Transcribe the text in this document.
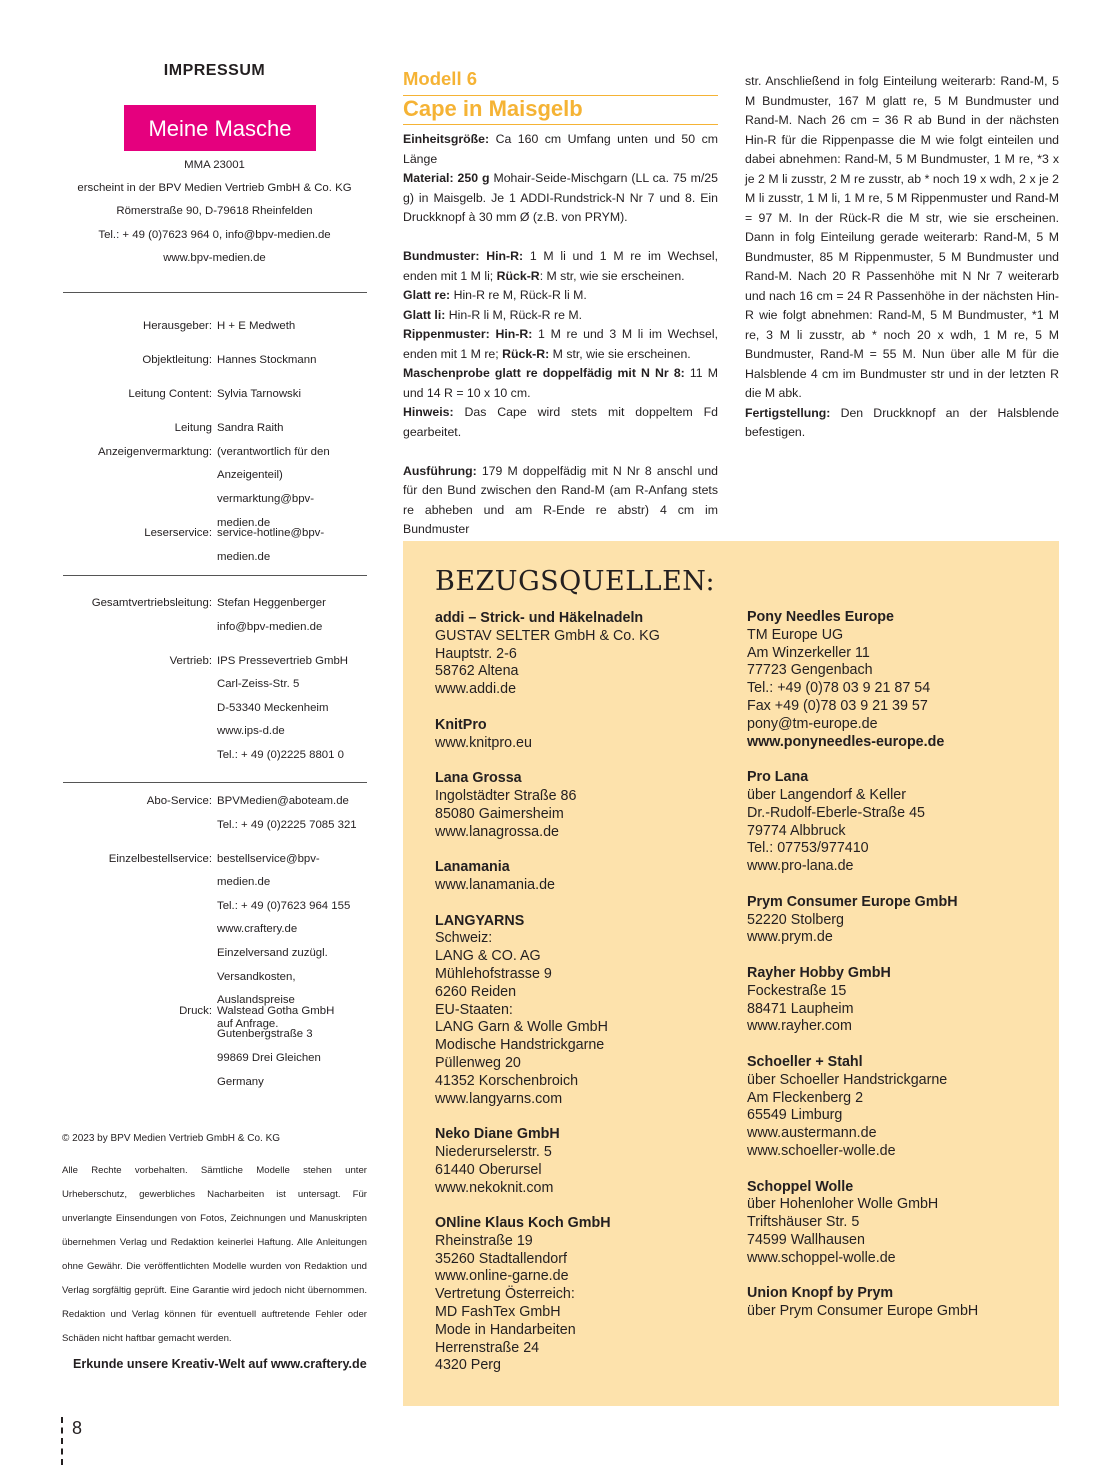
IMPRESSUM
Meine Masche
MMA 23001
erscheint in der BPV Medien Vertrieb GmbH & Co. KG
Römerstraße 90, D-79618 Rheinfelden
Tel.: + 49 (0)7623 964 0, info@bpv-medien.de
www.bpv-medien.de
Herausgeber: H + E Medweth
Objektleitung: Hannes Stockmann
Leitung Content: Sylvia Tarnowski
Leitung Anzeigenvermarktung:
Sandra Raith
(verantwortlich für den
Anzeigenteil)
vermarktung@bpv-medien.de
Leserservice: service-hotline@bpv-medien.de
Gesamtvertriebsleitung: Stefan Heggenberger
info@bpv-medien.de
Vertrieb: IPS Pressevertrieb GmbH
Carl-Zeiss-Str. 5
D-53340 Meckenheim
www.ips-d.de
Tel.: + 49 (0)2225 8801 0
Abo-Service: BPVMedien@aboteam.de
Tel.: + 49 (0)2225 7085 321
Einzelbestellservice: bestellservice@bpv-medien.de
Tel.: + 49 (0)7623 964 155
www.craftery.de
Einzelversand zuzügl.
Versandkosten, Auslandspreise
auf Anfrage.
Druck: Walstead Gotha GmbH
Gutenbergstraße 3
99869 Drei Gleichen
Germany
© 2023 by BPV Medien Vertrieb GmbH & Co. KG
Alle Rechte vorbehalten. Sämtliche Modelle stehen unter Urheberschutz, gewerbliches Nacharbeiten ist untersagt. Für unverlangte Einsendungen von Fotos, Zeichnungen und Manuskripten übernehmen Verlag und Redaktion keinerlei Haftung. Alle Anleitungen ohne Gewähr. Die veröffentlichten Modelle wurden von Redaktion und Verlag sorgfältig geprüft. Eine Garantie wird jedoch nicht übernommen. Redaktion und Verlag können für eventuell auftretende Fehler oder Schäden nicht haftbar gemacht werden.
Erkunde unsere Kreativ-Welt auf www.craftery.de
8
Modell 6
Cape in Maisgelb

Einheitsgröße: Ca 160 cm Umfang unten und 50 cm Länge

Material: 250 g Mohair-Seide-Mischgarn (LL ca. 75 m/25 g) in Maisgelb. Je 1 ADDI-Rundstrick-N Nr 7 und 8. Ein Druckknopf à 30 mm Ø (z.B. von PRYM).

Bundmuster: Hin-R: 1 M li und 1 M re im Wechsel, enden mit 1 M li; Rück-R: M str, wie sie erscheinen.

Glatt re: Hin-R re M, Rück-R li M.

Glatt li: Hin-R li M, Rück-R re M.

Rippenmuster: Hin-R: 1 M re und 3 M li im Wechsel, enden mit 1 M re; Rück-R: M str, wie sie erscheinen.

Maschenprobe glatt re doppelfädig mit N Nr 8: 11 M und 14 R = 10 x 10 cm.

Hinweis: Das Cape wird stets mit doppeltem Fd gearbeitet.

Ausführung: 179 M doppelfädig mit N Nr 8 anschl und für den Bund zwischen den Rand-M (am R-Anfang stets re abheben und am R-Ende re abstr) 4 cm im Bundmuster

str. Anschließend in folg Einteilung weiterarb: Rand-M, 5 M Bundmuster, 167 M glatt re, 5 M Bundmuster und Rand-M. Nach 26 cm = 36 R ab Bund in der nächsten Hin-R für die Rippenpasse die M wie folgt einteilen und dabei abnehmen: Rand-M, 5 M Bundmuster, 1 M re, *3 x je 2 M li zusstr, 2 M re zusstr, ab * noch 19 x wdh, 2 x je 2 M li zusstr, 1 M li, 1 M re, 5 M Rippenmuster und Rand-M = 97 M. In der Rück-R die M str, wie sie erscheinen. Dann in folg Einteilung gerade weiterarb: Rand-M, 5 M Bundmuster, 85 M Rippenmuster, 5 M Bundmuster und Rand-M. Nach 20 R Passenhöhe mit N Nr 7 weiterarb und nach 16 cm = 24 R Passenhöhe in der nächsten Hin-R wie folgt abnehmen: Rand-M, 5 M Bundmuster, *1 M re, 3 M li zusstr, ab * noch 20 x wdh, 1 M re, 5 M Bundmuster, Rand-M = 55 M. Nun über alle M für die Halsblende 4 cm im Bundmuster str und in der letzten R die M abk.

Fertigstellung: Den Druckknopf an der Halsblende befestigen.

BEZUGSQUELLEN:
addi – Strick- und Häkelnadeln
GUSTAV SELTER GmbH & Co. KG
Hauptstr. 2-6
58762 Altena
www.addi.de
KnitPro
www.knitpro.eu
Lana Grossa
Ingolstädter Straße 86
85080 Gaimersheim
www.lanagrossa.de
Lanamania
www.lanamania.de
LANGYARNS
Schweiz:
LANG & CO. AG
Mühlehofstrasse 9
6260 Reiden
EU-Staaten:
LANG Garn & Wolle GmbH
Modische Handstrickgarne
Püllenweg 20
41352 Korschenbroich
www.langyarns.com
Neko Diane GmbH
Niederurselerstr. 5
61440 Oberursel
www.nekoknit.com
ONline Klaus Koch GmbH
Rheinstraße 19
35260 Stadtallendorf
www.online-garne.de
Vertretung Österreich:
MD FashTex GmbH
Mode in Handarbeiten
Herrenstraße 24
4320 Perg
Pony Needles Europe
TM Europe UG
Am Winzerkeller 11
77723 Gengenbach
Tel.: +49 (0)78 03 9 21 87 54
Fax +49 (0)78 03 9 21 39 57
pony@tm-europe.de
www.ponyneedles-europe.de
Pro Lana
über Langendorf & Keller
Dr.-Rudolf-Eberle-Straße 45
79774 Albbruck
Tel.: 07753/977410
www.pro-lana.de
Prym Consumer Europe GmbH
52220 Stolberg
www.prym.de
Rayher Hobby GmbH
Fockestraße 15
88471 Laupheim
www.rayher.com
Schoeller + Stahl
über Schoeller Handstrickgarne
Am Fleckenberg 2
65549 Limburg
www.austermann.de
www.schoeller-wolle.de
Schoppel Wolle
über Hohenloher Wolle GmbH
Triftshäuser Str. 5
74599 Wallhausen
www.schoppel-wolle.de
Union Knopf by Prym
über Prym Consumer Europe GmbH
